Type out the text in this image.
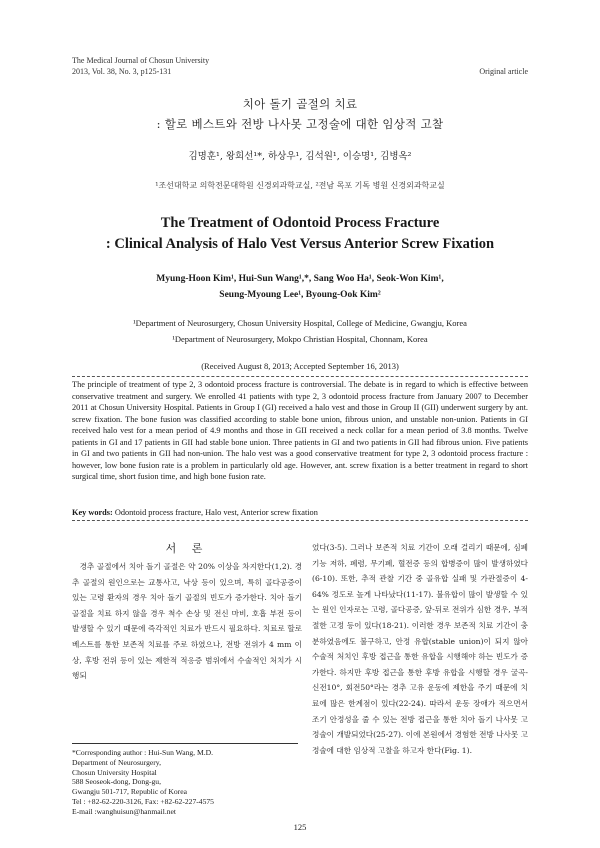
The Medical Journal of Chosun University
2013, Vol. 38, No. 3, p125-131	Original article
치아 돌기 골절의 치료
: 할로 베스트와 전방 나사못 고정술에 대한 임상적 고찰
김명훈¹, 왕희선¹*, 하상우¹, 김석원¹, 이승명¹, 김병옥²
¹조선대학교 의학전문대학원 신경외과학교실, ²전남 목포 기독 병원 신경외과학교실
The Treatment of Odontoid Process Fracture
: Clinical Analysis of Halo Vest Versus Anterior Screw Fixation
Myung-Hoon Kim¹, Hui-Sun Wang¹,*, Sang Woo Ha¹, Seok-Won Kim¹,
Seung-Myoung Lee¹, Byoung-Ook Kim²
¹Department of Neurosurgery, Chosun University Hospital, College of Medicine, Gwangju, Korea
¹Department of Neurosurgery, Mokpo Christian Hospital, Chonnam, Korea
(Received August 8, 2013; Accepted September 16, 2013)
The principle of treatment of type 2, 3 odontoid process fracture is controversial. The debate is in regard to which is effective between conservative treatment and surgery. We enrolled 41 patients with type 2, 3 odontoid process fracture from January 2007 to December 2011 at Chosun University Hospital. Patients in Group I (GI) received a halo vest and those in Group II (GII) underwent surgery by ant. screw fixation. The bone fusion was classified according to stable bone union, fibrous union, and unstable non-union. Patients in GI received halo vest for a mean period of 4.9 months and those in GII received a neck collar for a mean period of 3.8 months. Twelve patients in GI and 17 patients in GII had stable bone union. Three patients in GI and two patients in GII had fibrous union. Five patients in GI and two patients in GII had non-union. The halo vest was a good conservative treatment for type 2, 3 odontoid process fracture : however, low bone fusion rate is a problem in particularly old age. However, ant. screw fixation is a better treatment in regard to short surgical time, short fusion time, and high bone fusion rate.
Key words: Odontoid process fracture, Halo vest, Anterior screw fixation
서 론

경추 골절에서 치아 돌기 골절은 약 20% 이상을 차지한다(1,2). 경추 골절의 원인으로는 교통사고, 낙상 등이 있으며, 특히 골다공증이 있는 고령 환자의 경우 치아 돌기 골절의 빈도가 증가한다. 치아 돌기 골절을 치료 하지 않을 경우 척수 손상 및 전신 마비, 호흡 부전 등이 발생할 수 있기 때문에 즉각적인 치료가 반드시 필요하다. 치료로 할로 베스트를 통한 보존적 치료를 주로 하였으나, 전방 전위가 4 mm 이상, 후방 전위 등이 있는 제한적 적응증 범위에서 수술적인 처치가 시행되

었다(3-5). 그러나 보존적 치료 기간이 오래 걸리기 때문에, 심폐 기능 저하, 폐렴, 무기폐, 혈전증 등의 합병증이 많이 발생하였다(6-10). 또한, 추적 관찰 기간 중 골유합 실패 및 가관절증이 4-64% 정도로 높게 나타났다(11-17). 불유합이 많이 발생할 수 있는 원인 인자로는 고령, 골다공증, 앞-뒤로 전위가 심한 경우, 부적절한 고정 등이 있다(18-21). 이러한 경우 보존적 치료 기간이 충분하였음에도 불구하고, 안정 유합(stable union)이 되지 않아 수술적 처치인 후방 접근을 통한 유합을 시행해야 하는 빈도가 증가한다. 하지만 후방 접근을 통한 후방 유합을 시행할 경우 굴곡-신전10°, 회전50°라는 경추 고유 운동에 제한을 주기 때문에 치료에 많은 한계점이 있다(22-24). 따라서 운동 장애가 적으면서 조기 안정성을 줄 수 있는 전방 접근을 통한 치아 돌기 나사못 고정술이 개발되었다(25-27). 이에 본원에서 경험한 전방 나사못 고정술에 대한 임상적 고찰을 하고자 한다(Fig. 1).

*Corresponding author : Hui-Sun Wang, M.D.
Department of Neurosurgery,
Chosun University Hospital
588 Seoseok-dong, Dong-gu,
Gwangju 501-717, Republic of Korea
Tel : +82-62-220-3126, Fax: +82-62-227-4575
E-mail :wanghuisun@hanmail.net
125
